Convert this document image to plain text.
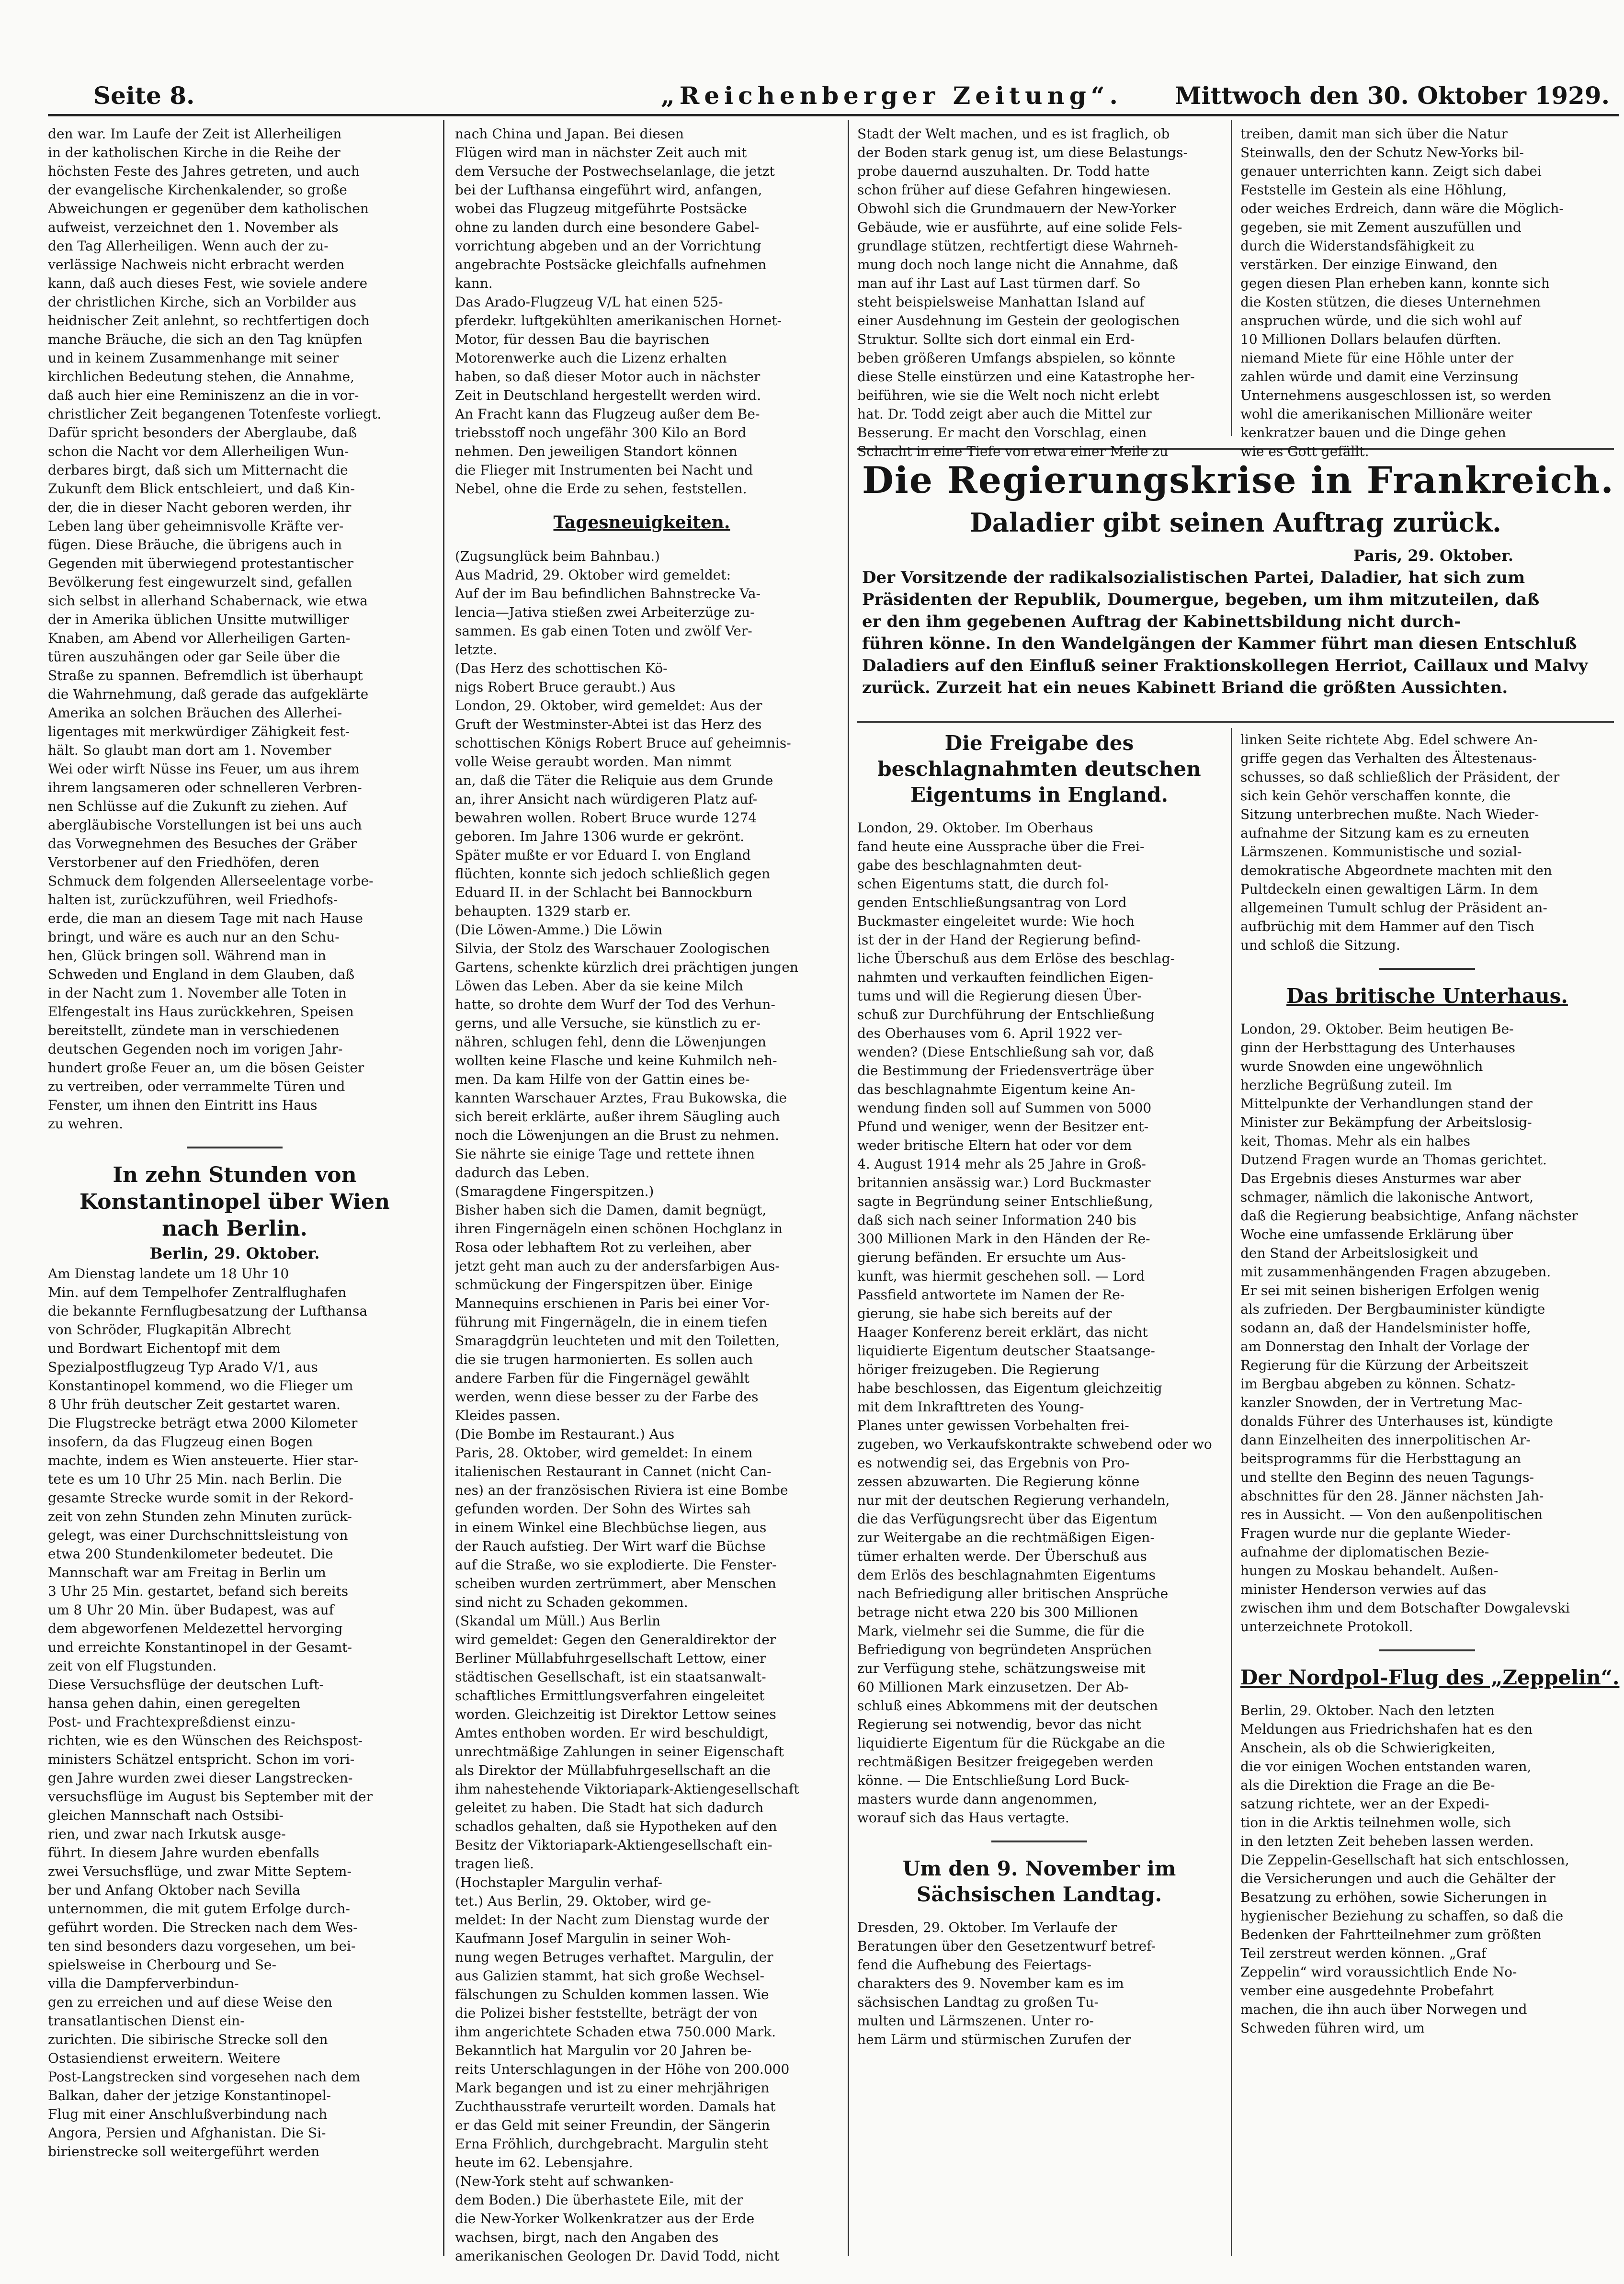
Seite 8.	„Reichenberger Zeitung“. Mittwoch den 30. Oktober 1929.
den war. Im Laufe der Zeit ist Allerheiligen
in der katholischen Kirche in die Reihe der
höchsten Feste des Jahres getreten, und auch
der evangelische Kirchenkalender, so große
Abweichungen er gegenüber dem katholischen
aufweist, verzeichnet den 1. November als
den Tag Allerheiligen. Wenn auch der zu-
verlässige Nachweis nicht erbracht werden
kann, daß auch dieses Fest, wie soviele andere
der christlichen Kirche, sich an Vorbilder aus
heidnischer Zeit anlehnt, so rechtfertigen doch
manche Bräuche, die sich an den Tag knüpfen
und in keinem Zusammenhange mit seiner
kirchlichen Bedeutung stehen, die Annahme,
daß auch hier eine Reminiszenz an die in vor-
christlicher Zeit begangenen Totenfeste vorliegt.
Dafür spricht besonders der Aberglaube, daß
schon die Nacht vor dem Allerheiligen Wun-
derbares birgt, daß sich um Mitternacht die
Zukunft dem Blick entschleiert, und daß Kin-
der, die in dieser Nacht geboren werden, ihr
Leben lang über geheimnisvolle Kräfte ver-
fügen. Diese Bräuche, die übrigens auch in
Gegenden mit überwiegend protestantischer
Bevölkerung fest eingewurzelt sind, gefallen
sich selbst in allerhand Schabernack, wie etwa
der in Amerika üblichen Unsitte mutwilliger
Knaben, am Abend vor Allerheiligen Garten-
türen auszuhängen oder gar Seile über die
Straße zu spannen. Befremdlich ist überhaupt
die Wahrnehmung, daß gerade das aufgeklärte
Amerika an solchen Bräuchen des Allerhei-
ligentages mit merkwürdiger Zähigkeit fest-
hält. So glaubt man dort am 1. November
Wei oder wirft Nüsse ins Feuer, um aus ihrem
ihrem langsameren oder schnelleren Verbren-
nen Schlüsse auf die Zukunft zu ziehen. Auf
abergläubische Vorstellungen ist bei uns auch
das Vorwegnehmen des Besuches der Gräber
Verstorbener auf den Friedhöfen, deren
Schmuck dem folgenden Allerseelentage vorbe-
halten ist, zurückzuführen, weil Friedhofs-
erde, die man an diesem Tage mit nach Hause
bringt, und wäre es auch nur an den Schu-
hen, Glück bringen soll. Während man in
Schweden und England in dem Glauben, daß
in der Nacht zum 1. November alle Toten in
Elfengestalt ins Haus zurückkehren, Speisen
bereitstellt, zündete man in verschiedenen
deutschen Gegenden noch im vorigen Jahr-
hundert große Feuer an, um die bösen Geister
zu vertreiben, oder verrammelte Türen und
Fenster, um ihnen den Eintritt ins Haus
zu wehren.
In zehn Stunden von Konstantinopel über Wien nach Berlin.
Berlin, 29. Oktober.
Am Dienstag landete um 18 Uhr 10
Min. auf dem Tempelhofer Zentralflughafen
die bekannte Fernflugbesatzung der Lufthansa
von Schröder, Flugkapitän Albrecht
und Bordwart Eichentopf mit dem
Spezialpostflugzeug Typ Arado V/1, aus
Konstantinopel kommend, wo die Flieger um
8 Uhr früh deutscher Zeit gestartet waren.
Die Flugstrecke beträgt etwa 2000 Kilometer
insofern, da das Flugzeug einen Bogen
machte, indem es Wien ansteuerte. Hier star-
tete es um 10 Uhr 25 Min. nach Berlin. Die
gesamte Strecke wurde somit in der Rekord-
zeit von zehn Stunden zehn Minuten zurück-
gelegt, was einer Durchschnittsleistung von
etwa 200 Stundenkilometer bedeutet. Die
Mannschaft war am Freitag in Berlin um
3 Uhr 25 Min. gestartet, befand sich bereits
um 8 Uhr 20 Min. über Budapest, was auf
dem abgeworfenen Meldezettel hervorging
und erreichte Konstantinopel in der Gesamt-
zeit von elf Flugstunden.
Diese Versuchsflüge der deutschen Luft-
hansa gehen dahin, einen geregelten
Post- und Frachtexpreßdienst einzu-
richten, wie es den Wünschen des Reichspost-
ministers Schätzel entspricht. Schon im vori-
gen Jahre wurden zwei dieser Langstrecken-
versuchsflüge im August bis September mit der
gleichen Mannschaft nach Ostsibi-
rien, und zwar nach Irkutsk ausge-
führt. In diesem Jahre wurden ebenfalls
zwei Versuchsflüge, und zwar Mitte Septem-
ber und Anfang Oktober nach Sevilla
unternommen, die mit gutem Erfolge durch-
geführt worden. Die Strecken nach dem Wes-
ten sind besonders dazu vorgesehen, um bei-
spielsweise in Cherbourg und Se-
villa die Dampferverbindun-
gen zu erreichen und auf diese Weise den
transatlantischen Dienst ein-
zurichten. Die sibirische Strecke soll den
Ostasiendienst erweitern. Weitere
Post-Langstrecken sind vorgesehen nach dem
Balkan, daher der jetzige Konstantinopel-
Flug mit einer Anschlußverbindung nach
Angora, Persien und Afghanistan. Die Si-
birienstrecke soll weitergeführt werden
nach China und Japan. Bei diesen
Flügen wird man in nächster Zeit auch mit
dem Versuche der Postwechselanlage, die jetzt
bei der Lufthansa eingeführt wird, anfangen,
wobei das Flugzeug mitgeführte Postsäcke
ohne zu landen durch eine besondere Gabel-
vorrichtung abgeben und an der Vorrichtung
angebrachte Postsäcke gleichfalls aufnehmen
kann.
Das Arado-Flugzeug V/L hat einen 525-
pferdekr. luftgekühlten amerikanischen Hornet-
Motor, für dessen Bau die bayrischen
Motorenwerke auch die Lizenz erhalten
haben, so daß dieser Motor auch in nächster
Zeit in Deutschland hergestellt werden wird.
An Fracht kann das Flugzeug außer dem Be-
triebsstoff noch ungefähr 300 Kilo an Bord
nehmen. Den jeweiligen Standort können
die Flieger mit Instrumenten bei Nacht und
Nebel, ohne die Erde zu sehen, feststellen.
Tagesneuigkeiten.
(Zugsunglück beim Bahnbau.)
Aus Madrid, 29. Oktober wird gemeldet:
Auf der im Bau befindlichen Bahnstrecke Va-
lencia—Jativa stießen zwei Arbeiterzüge zu-
sammen. Es gab einen Toten und zwölf Ver-
letzte.
(Das Herz des schottischen Kö-
nigs Robert Bruce geraubt.) Aus
London, 29. Oktober, wird gemeldet: Aus der
Gruft der Westminster-Abtei ist das Herz des
schottischen Königs Robert Bruce auf geheimnis-
volle Weise geraubt worden. Man nimmt
an, daß die Täter die Reliquie aus dem Grunde
an, ihrer Ansicht nach würdigeren Platz auf-
bewahren wollen. Robert Bruce wurde 1274
geboren. Im Jahre 1306 wurde er gekrönt.
Später mußte er vor Eduard I. von England
flüchten, konnte sich jedoch schließlich gegen
Eduard II. in der Schlacht bei Bannockburn
behaupten. 1329 starb er.
(Die Löwen-Amme.) Die Löwin
Silvia, der Stolz des Warschauer Zoologischen
Gartens, schenkte kürzlich drei prächtigen jungen
Löwen das Leben. Aber da sie keine Milch
hatte, so drohte dem Wurf der Tod des Verhun-
gerns, und alle Versuche, sie künstlich zu er-
nähren, schlugen fehl, denn die Löwenjungen
wollten keine Flasche und keine Kuhmilch neh-
men. Da kam Hilfe von der Gattin eines be-
kannten Warschauer Arztes, Frau Bukowska, die
sich bereit erklärte, außer ihrem Säugling auch
noch die Löwenjungen an die Brust zu nehmen.
Sie nährte sie einige Tage und rettete ihnen
dadurch das Leben.
(Smaragdene Fingerspitzen.)
Bisher haben sich die Damen, damit begnügt,
ihren Fingernägeln einen schönen Hochglanz in
Rosa oder lebhaftem Rot zu verleihen, aber
jetzt geht man auch zu der andersfarbigen Aus-
schmückung der Fingerspitzen über. Einige
Mannequins erschienen in Paris bei einer Vor-
führung mit Fingernägeln, die in einem tiefen
Smaragdgrün leuchteten und mit den Toiletten,
die sie trugen harmonierten. Es sollen auch
andere Farben für die Fingernägel gewählt
werden, wenn diese besser zu der Farbe des
Kleides passen.
(Die Bombe im Restaurant.) Aus
Paris, 28. Oktober, wird gemeldet: In einem
italienischen Restaurant in Cannet (nicht Can-
nes) an der französischen Riviera ist eine Bombe
gefunden worden. Der Sohn des Wirtes sah
in einem Winkel eine Blechbüchse liegen, aus
der Rauch aufstieg. Der Wirt warf die Büchse
auf die Straße, wo sie explodierte. Die Fenster-
scheiben wurden zertrümmert, aber Menschen
sind nicht zu Schaden gekommen.
(Skandal um Müll.) Aus Berlin
wird gemeldet: Gegen den Generaldirektor der
Berliner Müllabfuhrgesellschaft Lettow, einer
städtischen Gesellschaft, ist ein staatsanwalt-
schaftliches Ermittlungsverfahren eingeleitet
worden. Gleichzeitig ist Direktor Lettow seines
Amtes enthoben worden. Er wird beschuldigt,
unrechtmäßige Zahlungen in seiner Eigenschaft
als Direktor der Müllabfuhrgesellschaft an die
ihm nahestehende Viktoriapark-Aktiengesellschaft
geleitet zu haben. Die Stadt hat sich dadurch
schadlos gehalten, daß sie Hypotheken auf den
Besitz der Viktoriapark-Aktiengesellschaft ein-
tragen ließ.
(Hochstapler Margulin verhaf-
tet.) Aus Berlin, 29. Oktober, wird ge-
meldet: In der Nacht zum Dienstag wurde der
Kaufmann Josef Margulin in seiner Woh-
nung wegen Betruges verhaftet. Margulin, der
aus Galizien stammt, hat sich große Wechsel-
fälschungen zu Schulden kommen lassen. Wie
die Polizei bisher feststellte, beträgt der von
ihm angerichtete Schaden etwa 750.000 Mark.
Bekanntlich hat Margulin vor 20 Jahren be-
reits Unterschlagungen in der Höhe von 200.000
Mark begangen und ist zu einer mehrjährigen
Zuchthausstrafe verurteilt worden. Damals hat
er das Geld mit seiner Freundin, der Sängerin
Erna Fröhlich, durchgebracht. Margulin steht
heute im 62. Lebensjahre.
(New-York steht auf schwanken-
dem Boden.) Die überhastete Eile, mit der
die New-Yorker Wolkenkratzer aus der Erde
wachsen, birgt, nach den Angaben des
amerikanischen Geologen Dr. David Todd, nicht
Stadt der Welt machen, und es ist fraglich, ob
der Boden stark genug ist, um diese Belastungs-
probe dauernd auszuhalten. Dr. Todd hatte
schon früher auf diese Gefahren hingewiesen.
Obwohl sich die Grundmauern der New-Yorker
Gebäude, wie er ausführte, auf eine solide Fels-
grundlage stützen, rechtfertigt diese Wahrneh-
mung doch noch lange nicht die Annahme, daß
man auf ihr Last auf Last türmen darf. So
steht beispielsweise Manhattan Island auf
einer Ausdehnung im Gestein der geologischen
Struktur. Sollte sich dort einmal ein Erd-
beben größeren Umfangs abspielen, so könnte
diese Stelle einstürzen und eine Katastrophe her-
beiführen, wie sie die Welt noch nicht erlebt
hat. Dr. Todd zeigt aber auch die Mittel zur
Besserung. Er macht den Vorschlag, einen
Schacht in eine Tiefe von etwa einer Meile zu
treiben, damit man sich über die Natur
Steinwalls, den der Schutz New-Yorks bil-
genauer unterrichten kann. Zeigt sich dabei
Feststelle im Gestein als eine Höhlung,
oder weiches Erdreich, dann wäre die Möglich-
gegeben, sie mit Zement auszufüllen und
durch die Widerstandsfähigkeit zu
verstärken. Der einzige Einwand, den
gegen diesen Plan erheben kann, konnte sich
die Kosten stützen, die dieses Unternehmen
anspruchen würde, und die sich wohl auf
10 Millionen Dollars belaufen dürften.
niemand Miete für eine Höhle unter der
zahlen würde und damit eine Verzinsung
Unternehmens ausgeschlossen ist, so werden
wohl die amerikanischen Millionäre weiter
kenkratzer bauen und die Dinge gehen
wie es Gott gefällt.
Die Regierungskrise in Frankreich.
Daladier gibt seinen Auftrag zurück.
Paris, 29. Oktober.
Der Vorsitzende der radikalsozialistischen Partei, Daladier, hat sich zum
Präsidenten der Republik, Doumergue, begeben, um ihm mitzuteilen, daß
er den ihm gegebenen Auftrag der Kabinettsbildung nicht durch-
führen könne. In den Wandelgängen der Kammer führt man diesen Entschluß
Daladiers auf den Einfluß seiner Fraktionskollegen Herriot, Caillaux und Malvy
zurück. Zurzeit hat ein neues Kabinett Briand die größten Aussichten.
Die Freigabe des beschlagnahmten deutschen Eigentums in England.
London, 29. Oktober. Im Oberhaus
fand heute eine Aussprache über die Frei-
gabe des beschlagnahmten deut-
schen Eigentums statt, die durch fol-
genden Entschließungsantrag von Lord
Buckmaster eingeleitet wurde: Wie hoch
ist der in der Hand der Regierung befind-
liche Überschuß aus dem Erlöse des beschlag-
nahmten und verkauften feindlichen Eigen-
tums und will die Regierung diesen Über-
schuß zur Durchführung der Entschließung
des Oberhauses vom 6. April 1922 ver-
wenden? (Diese Entschließung sah vor, daß
die Bestimmung der Friedensverträge über
das beschlagnahmte Eigentum keine An-
wendung finden soll auf Summen von 5000
Pfund und weniger, wenn der Besitzer ent-
weder britische Eltern hat oder vor dem
4. August 1914 mehr als 25 Jahre in Groß-
britannien ansässig war.) Lord Buckmaster
sagte in Begründung seiner Entschließung,
daß sich nach seiner Information 240 bis
300 Millionen Mark in den Händen der Re-
gierung befänden. Er ersuchte um Aus-
kunft, was hiermit geschehen soll. — Lord
Passfield antwortete im Namen der Re-
gierung, sie habe sich bereits auf der
Haager Konferenz bereit erklärt, das nicht
liquidierte Eigentum deutscher Staatsange-
höriger freizugeben. Die Regierung
habe beschlossen, das Eigentum gleichzeitig
mit dem Inkrafttreten des Young-
Planes unter gewissen Vorbehalten frei-
zugeben, wo Verkaufskontrakte schwebend oder wo
es notwendig sei, das Ergebnis von Pro-
zessen abzuwarten. Die Regierung könne
nur mit der deutschen Regierung verhandeln,
die das Verfügungsrecht über das Eigentum
zur Weitergabe an die rechtmäßigen Eigen-
tümer erhalten werde. Der Überschuß aus
dem Erlös des beschlagnahmten Eigentums
nach Befriedigung aller britischen Ansprüche
betrage nicht etwa 220 bis 300 Millionen
Mark, vielmehr sei die Summe, die für die
Befriedigung von begründeten Ansprüchen
zur Verfügung stehe, schätzungsweise mit
60 Millionen Mark einzusetzen. Der Ab-
schluß eines Abkommens mit der deutschen
Regierung sei notwendig, bevor das nicht
liquidierte Eigentum für die Rückgabe an die
rechtmäßigen Besitzer freigegeben werden
könne. — Die Entschließung Lord Buck-
masters wurde dann angenommen,
worauf sich das Haus vertagte.
Um den 9. November im Sächsischen Landtag.
Dresden, 29. Oktober. Im Verlaufe der
Beratungen über den Gesetzentwurf betref-
fend die Aufhebung des Feiertags-
charakters des 9. November kam es im
sächsischen Landtag zu großen Tu-
multen und Lärmszenen. Unter ro-
hem Lärm und stürmischen Zurufen der
linken Seite richtete Abg. Edel schwere An-
griffe gegen das Verhalten des Ältestenaus-
schusses, so daß schließlich der Präsident, der
sich kein Gehör verschaffen konnte, die
Sitzung unterbrechen mußte. Nach Wieder-
aufnahme der Sitzung kam es zu erneuten
Lärmszenen. Kommunistische und sozial-
demokratische Abgeordnete machten mit den
Pultdeckeln einen gewaltigen Lärm. In dem
allgemeinen Tumult schlug der Präsident an-
aufbrüchig mit dem Hammer auf den Tisch
und schloß die Sitzung.
Das britische Unterhaus.
London, 29. Oktober. Beim heutigen Be-
ginn der Herbsttagung des Unterhauses
wurde Snowden eine ungewöhnlich
herzliche Begrüßung zuteil. Im
Mittelpunkte der Verhandlungen stand der
Minister zur Bekämpfung der Arbeitslosig-
keit, Thomas. Mehr als ein halbes
Dutzend Fragen wurde an Thomas gerichtet.
Das Ergebnis dieses Ansturmes war aber
schmager, nämlich die lakonische Antwort,
daß die Regierung beabsichtige, Anfang nächster
Woche eine umfassende Erklärung über
den Stand der Arbeitslosigkeit und
mit zusammenhängenden Fragen abzugeben.
Er sei mit seinen bisherigen Erfolgen wenig
als zufrieden. Der Bergbauminister kündigte
sodann an, daß der Handelsminister hoffe,
am Donnerstag den Inhalt der Vorlage der
Regierung für die Kürzung der Arbeitszeit
im Bergbau abgeben zu können. Schatz-
kanzler Snowden, der in Vertretung Mac-
donalds Führer des Unterhauses ist, kündigte
dann Einzelheiten des innerpolitischen Ar-
beitsprogramms für die Herbsttagung an
und stellte den Beginn des neuen Tagungs-
abschnittes für den 28. Jänner nächsten Jah-
res in Aussicht. — Von den außenpolitischen
Fragen wurde nur die geplante Wieder-
aufnahme der diplomatischen Bezie-
hungen zu Moskau behandelt. Außen-
minister Henderson verwies auf das
zwischen ihm und dem Botschafter Dowgalevski
unterzeichnete Protokoll.
Der Nordpol-Flug des „Zeppelin“.
Berlin, 29. Oktober. Nach den letzten
Meldungen aus Friedrichshafen hat es den
Anschein, als ob die Schwierigkeiten,
die vor einigen Wochen entstanden waren,
als die Direktion die Frage an die Be-
satzung richtete, wer an der Expedi-
tion in die Arktis teilnehmen wolle, sich
in den letzten Zeit beheben lassen werden.
Die Zeppelin-Gesellschaft hat sich entschlossen,
die Versicherungen und auch die Gehälter der
Besatzung zu erhöhen, sowie Sicherungen in
hygienischer Beziehung zu schaffen, so daß die
Bedenken der Fahrtteilnehmer zum größten
Teil zerstreut werden können. „Graf
Zeppelin“ wird voraussichtlich Ende No-
vember eine ausgedehnte Probefahrt
machen, die ihn auch über Norwegen und
Schweden führen wird, um
